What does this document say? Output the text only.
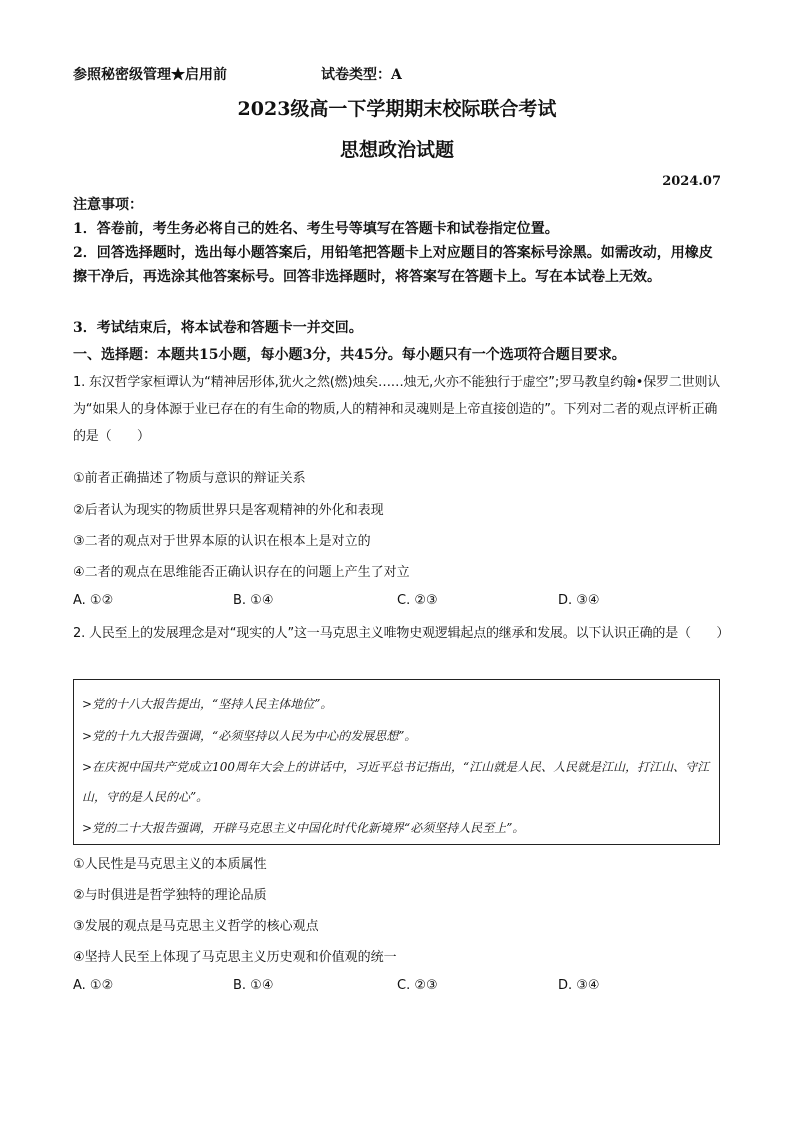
参照秘密级管理★启用前	试卷类型：A
2023级高一下学期期末校际联合考试
思想政治试题
2024.07
注意事项：
1．答卷前，考生务必将自己的姓名、考生号等填写在答题卡和试卷指定位置。
2．回答选择题时，选出每小题答案后，用铅笔把答题卡上对应题目的答案标号涂黑。如需改动，用橡皮擦干净后，再选涂其他答案标号。回答非选择题时，将答案写在答题卡上。写在本试卷上无效。
3．考试结束后，将本试卷和答题卡一并交回。
一、选择题：本题共15小题，每小题3分，共45分。每小题只有一个选项符合题目要求。
1. 东汉哲学家桓谭认为“精神居形体,犹火之然(燃)烛矣……烛无,火亦不能独行于虚空”;罗马教皇约翰•保罗二世则认为“如果人的身体源于业已存在的有生命的物质,人的精神和灵魂则是上帝直接创造的”。下列对二者的观点评析正确的是（　　）
①前者正确描述了物质与意识的辩证关系
②后者认为现实的物质世界只是客观精神的外化和表现
③二者的观点对于世界本原的认识在根本上是对立的
④二者的观点在思维能否正确认识存在的问题上产生了对立
A. ①②	B. ①④	C. ②③	D. ③④
2. 人民至上的发展理念是对“现实的人”这一马克思主义唯物史观逻辑起点的继承和发展。以下认识正确的是（　　）

>党的十八大报告提出，“坚持人民主体地位”。

>党的十九大报告强调，“必须坚持以人民为中心的发展思想”。

>在庆祝中国共产党成立100周年大会上的讲话中，习近平总书记指出，“江山就是人民、人民就是江山，打江山、守江山，守的是人民的心”。

>党的二十大报告强调，开辟马克思主义中国化时代化新境界“必须坚持人民至上”。

①人民性是马克思主义的本质属性
②与时俱进是哲学独特的理论品质
③发展的观点是马克思主义哲学的核心观点
④坚持人民至上体现了马克思主义历史观和价值观的统一
A. ①②	B. ①④	C. ②③	D. ③④
